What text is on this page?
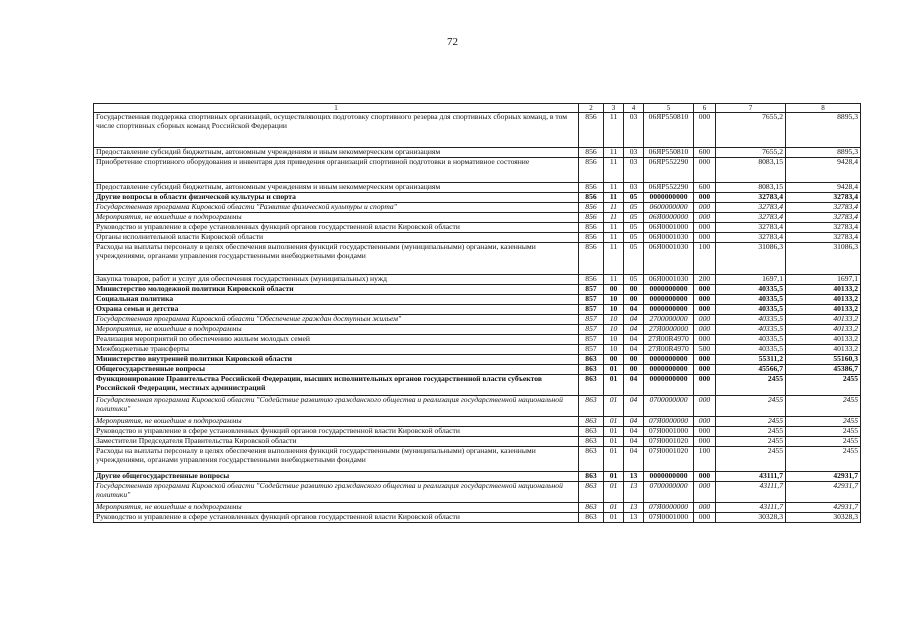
72
1	2	3	4	5	6	7	8
Государственная поддержка спортивных организаций, осуществляющих подготовку спортивного резерва для спортивных сборных команд, в том числе спортивных сборных команд Российской Федерации	856	11	03	06ЯР550810	000	7655,2	8895,3
Предоставление субсидий бюджетным, автономным учреждениям и иным некоммерческим организациям	856	11	03	06ЯР550810	600	7655,2	8895,3
Приобретение спортивного оборудования и инвентаря для приведения организаций спортивной подготовки в нормативное состояние	856	11	03	06ЯР552290	000	8083,15	9428,4
Предоставление субсидий бюджетным, автономным учреждениям и иным некоммерческим организациям	856	11	03	06ЯР552290	600	8083,15	9428,4
Другие вопросы в области физической культуры и спорта	856	11	05	0000000000	000	32783,4	32783,4
Государственная программа Кировской области "Развитие физической культуры и спорта"	856	11	05	0600000000	000	32783,4	32783,4
Мероприятия, не вошедшие в подпрограммы	856	11	05	06Я0000000	000	32783,4	32783,4
Руководство и управление в сфере установленных функций органов государственной власти Кировской области	856	11	05	06Я0001000	000	32783,4	32783,4
Органы исполнительной власти Кировской области	856	11	05	06Я0001030	000	32783,4	32783,4
Расходы на выплаты персоналу в целях обеспечения выполнения функций государственными (муниципальными) органами, казенными учреждениями, органами управления государственными внебюджетными фондами	856	11	05	06Я0001030	100	31086,3	31086,3
Закупка товаров, работ и услуг для обеспечения государственных (муниципальных) нужд	856	11	05	06Я0001030	200	1697,1	1697,1
Министерство молодежной политики Кировской области	857	00	00	0000000000	000	40335,5	40133,2
Социальная политика	857	10	00	0000000000	000	40335,5	40133,2
Охрана семьи и детства	857	10	04	0000000000	000	40335,5	40133,2
Государственная программа Кировской области "Обеспечение граждан доступным жильем"	857	10	04	2700000000	000	40335,5	40133,2
Мероприятия, не вошедшие в подпрограммы	857	10	04	27Я0000000	000	40335,5	40133,2
Реализация мероприятий по обеспечению жильем молодых семей	857	10	04	27Я00R4970	000	40335,5	40133,2
Межбюджетные трансферты	857	10	04	27Я00R4970	500	40335,5	40133,2
Министерство внутренней политики Кировской области	863	00	00	0000000000	000	55311,2	55160,3
Общегосударственные вопросы	863	01	00	0000000000	000	45566,7	45386,7
Функционирование Правительства Российской Федерации, высших исполнительных органов государственной власти субъектов Российской Федерации, местных администраций	863	01	04	0000000000	000	2455	2455
Государственная программа Кировской области "Содействие развитию гражданского общества и реализация государственной национальной политики"	863	01	04	0700000000	000	2455	2455
Мероприятия, не вошедшие в подпрограммы	863	01	04	07Я0000000	000	2455	2455
Руководство и управление в сфере установленных функций органов государственной власти Кировской области	863	01	04	07Я0001000	000	2455	2455
Заместители Председателя Правительства Кировской области	863	01	04	07Я0001020	000	2455	2455
Расходы на выплаты персоналу в целях обеспечения выполнения функций государственными (муниципальными) органами, казенными учреждениями, органами управления государственными внебюджетными фондами	863	01	04	07Я0001020	100	2455	2455
Другие общегосударственные вопросы	863	01	13	0000000000	000	43111,7	42931,7
Государственная программа Кировской области "Содействие развитию гражданского общества и реализация государственной национальной политики"	863	01	13	0700000000	000	43111,7	42931,7
Мероприятия, не вошедшие в подпрограммы	863	01	13	07Я0000000	000	43111,7	42931,7
Руководство и управление в сфере установленных функций органов государственной власти Кировской области	863	01	13	07Я0001000	000	30328,3	30328,3
